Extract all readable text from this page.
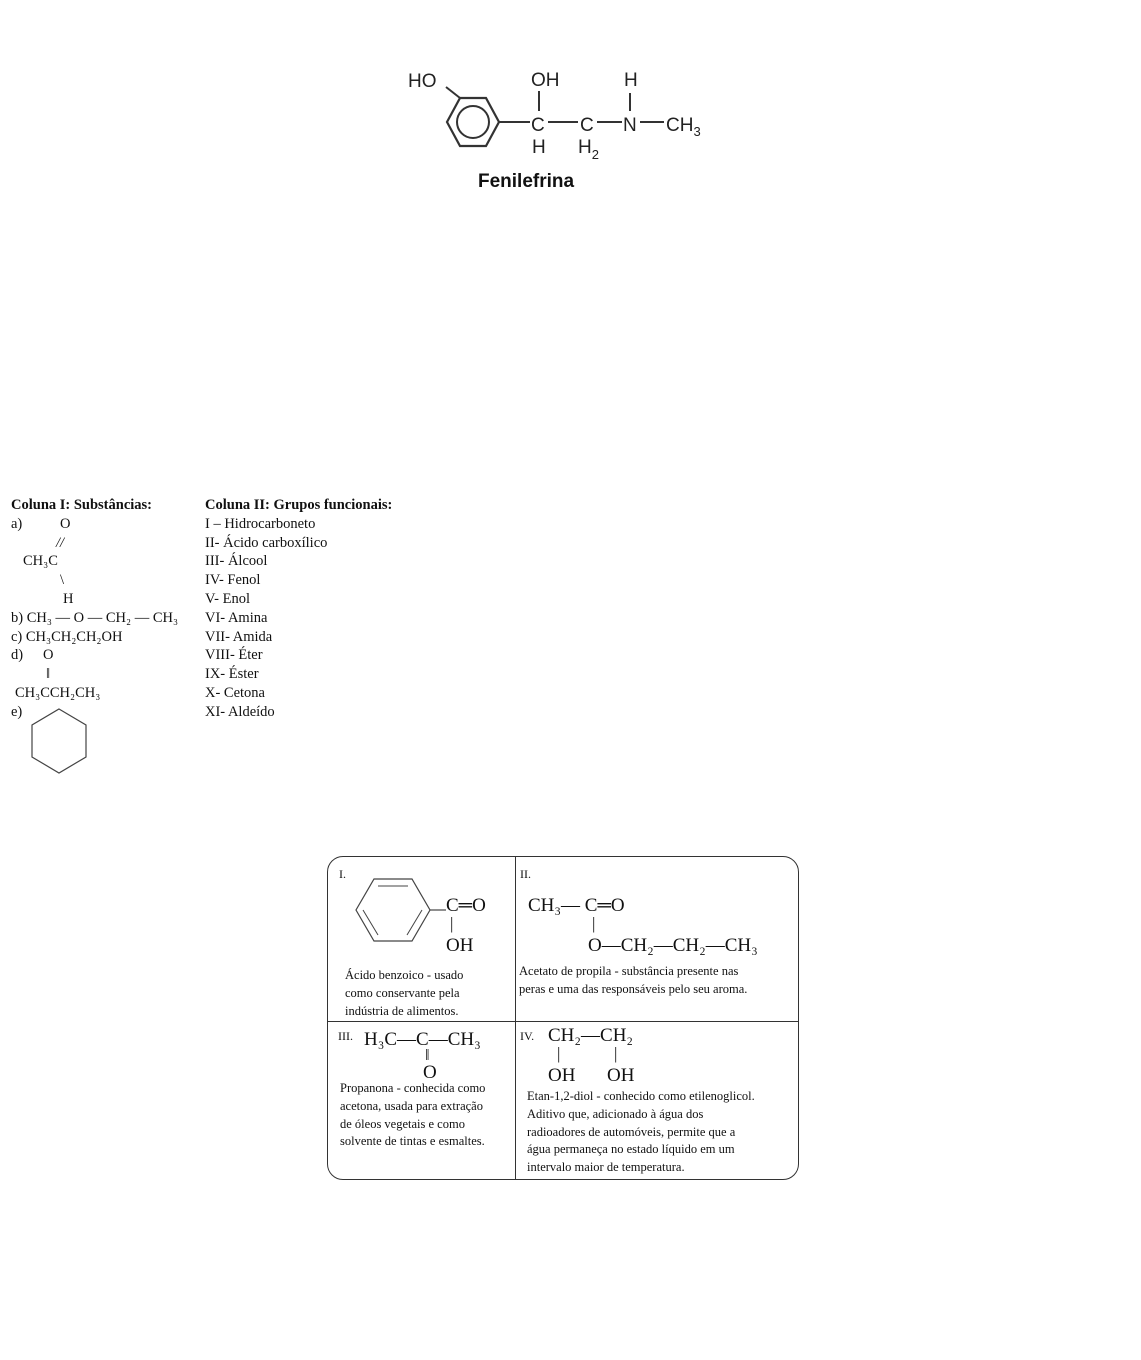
HO
C
OH
H
C
$H_2$
N
H
$CH_3$
Fenilefrina
Coluna I: Substâncias:
a)	O
//
CH₃C
\
H
b) CH₃ — O — CH₂ — CH₃
c) CH₃CH₂CH₂OH
d) O
‖
CH₃CCH₂CH₃
e)
Coluna II: Grupos funcionais:
I – Hidrocarboneto
II- Ácido carboxílico
III- Álcool
IV- Fenol
V- Enol
VI- Amina
VII- Amida
VIII- Éter
IX- Éster
X- Cetona
XI- Aldeído
I.
C═O
|
OH
Ácido benzoico - usado
como conservante pela
indústria de alimentos.
II.
CH₃— C═O
|
O—CH₂—CH₂—CH₃
Acetato de propila - substância presente nas
peras e uma das responsáveis pelo seu aroma.
III. H₃C—C—CH₃
‖
O
Propanona - conhecida como
acetona, usada para extração
de óleos vegetais e como
solvente de tintas e esmaltes.
IV. CH₂—CH₂
|	|
OH OH
Etan-1,2-diol - conhecido como etilenoglicol.
Aditivo que, adicionado à água dos
radioadores de automóveis, permite que a
água permaneça no estado líquido em um
intervalo maior de temperatura.
